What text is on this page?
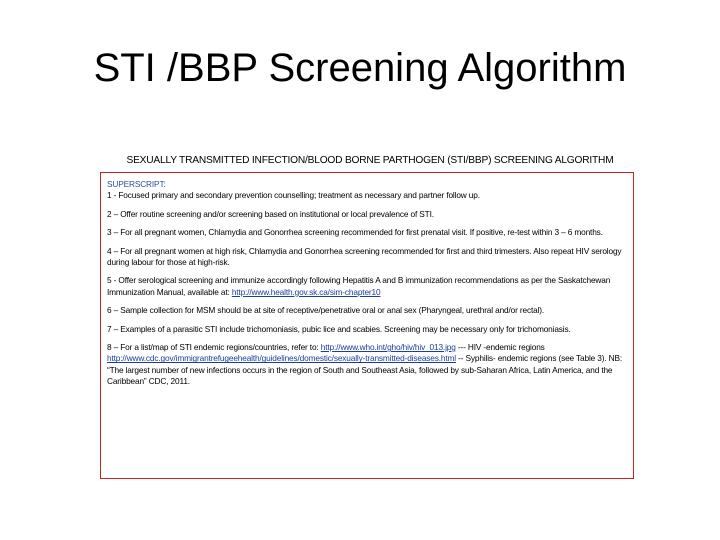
STI /BBP Screening Algorithm
SEXUALLY TRANSMITTED INFECTION/BLOOD BORNE PARTHOGEN (STI/BBP) SCREENING ALGORITHM
SUPERSCRIPT:

1 - Focused primary and secondary prevention counselling; treatment as necessary and partner follow up.

2 – Offer routine screening and/or screening based on institutional or local prevalence of STI.

3 – For all pregnant women, Chlamydia and Gonorrhea screening recommended for first prenatal visit. If positive, re-test within 3 – 6 months.

4 – For all pregnant women at high risk, Chlamydia and Gonorrhea screening recommended for first and third trimesters. Also repeat HIV serology during labour for those at high-risk.

5 - Offer serological screening and immunize accordingly following Hepatitis A and B immunization recommendations as per the Saskatchewan Immunization Manual, available at: http://www.health.gov.sk.ca/sim-chapter10

6 – Sample collection for MSM should be at site of receptive/penetrative oral or anal sex (Pharyngeal, urethral and/or rectal).

7 – Examples of a parasitic STI include trichomoniasis, pubic lice and scabies. Screening may be necessary only for trichomoniasis.

8 – For a list/map of STI endemic regions/countries, refer to: http://www.who.int/gho/hiv/hiv_013.jpg --- HIV -endemic regions http://www.cdc.gov/immigrantrefugeehealth/guidelines/domestic/sexually-transmitted-diseases.html -- Syphilis- endemic regions (see Table 3). NB: “The largest number of new infections occurs in the region of South and Southeast Asia, followed by sub-Saharan Africa, Latin America, and the Caribbean” CDC, 2011.
